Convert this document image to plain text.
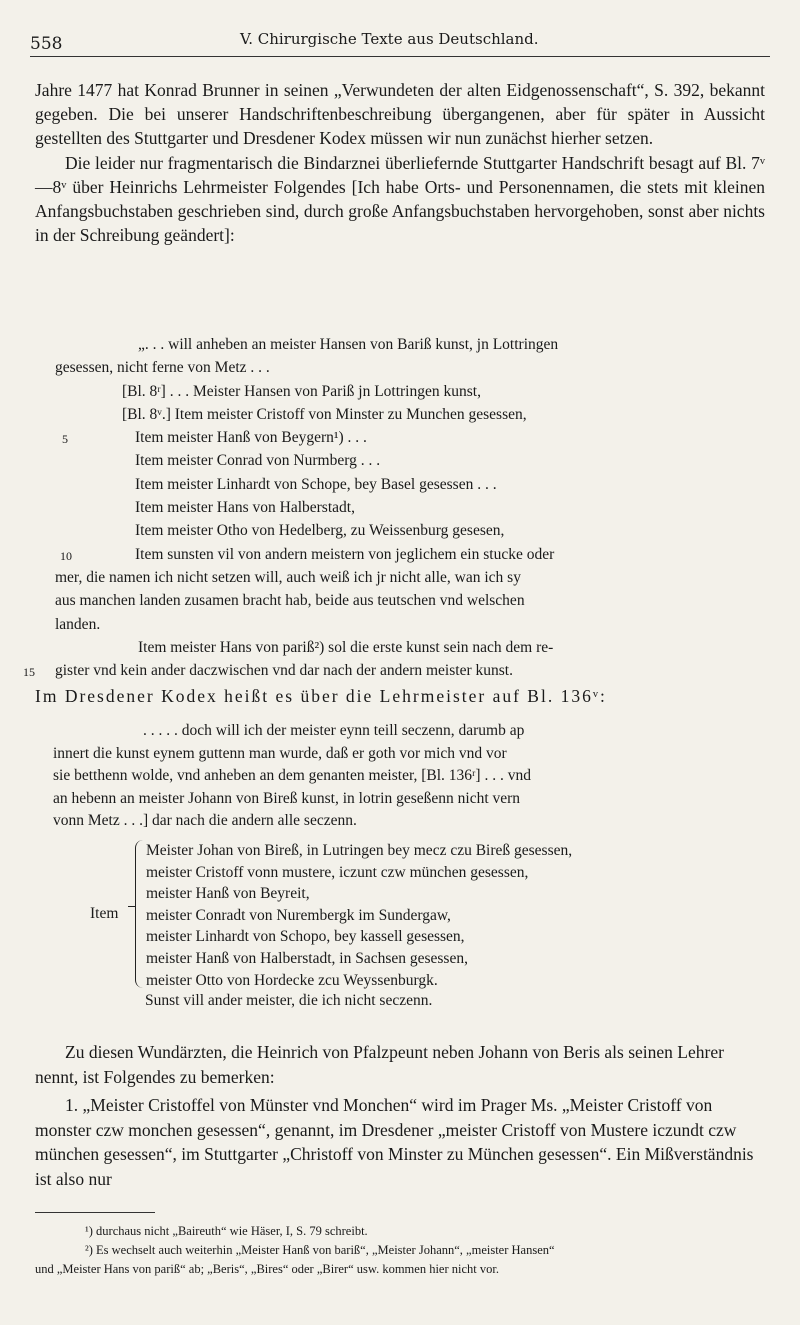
558	V. Chirurgische Texte aus Deutschland.

Jahre 1477 hat Konrad Brunner in seinen „Verwundeten der alten Eidgenossenschaft“, S. 392, bekannt gegeben. Die bei unserer Handschriftenbeschreibung übergangenen, aber für später in Aussicht gestellten des Stuttgarter und Dresdener Kodex müssen wir nun zunächst hierher setzen.

Die leider nur fragmentarisch die Bindarznei überliefernde Stuttgarter Handschrift besagt auf Bl. 7ᵛ—8ᵛ über Heinrichs Lehrmeister Folgendes [Ich habe Orts- und Personennamen, die stets mit kleinen Anfangsbuchstaben geschrieben sind, durch große Anfangsbuchstaben hervorgehoben, sonst aber nichts in der Schreibung geändert]:

„. . . will anheben an meister Hansen von Bariß kunst, jn Lottringen
gesessen, nicht ferne von Metz . . .
[Bl. 8ʳ] . . . Meister Hansen von Pariß jn Lottringen kunst,
[Bl. 8ᵛ.] Item meister Cristoff von Minster zu Munchen gesessen,
5	Item meister Hanß von Beygern¹) . . .
Item meister Conrad von Nurmberg . . .
Item meister Linhardt von Schope, bey Basel gesessen . . .
Item meister Hans von Halberstadt,
Item meister Otho von Hedelberg, zu Weissenburg gesesen,
10	Item sunsten vil von andern meistern von jeglichem ein stucke oder
mer, die namen ich nicht setzen will, auch weiß ich jr nicht alle, wan ich sy
aus manchen landen zusamen bracht hab, beide aus teutschen vnd welschen
landen.
Item meister Hans von pariß²) sol die erste kunst sein nach dem re-
15 gister vnd kein ander daczwischen vnd dar nach der andern meister kunst.
Im Dresdener Kodex heißt es über die Lehrmeister auf Bl. 136ᵛ:
. . . . . doch will ich der meister eynn teill seczenn, darumb ap
innert die kunst eynem guttenn man wurde, daß er goth vor mich vnd vor
sie betthenn wolde, vnd anheben an dem genanten meister, [Bl. 136ʳ] . . . vnd
an hebenn an meister Johann von Bireß kunst, in lotrin geseßenn nicht vern
vonn Metz . . .] dar nach die andern alle seczenn.
Item
Meister Johan von Bireß, in Lutringen bey mecz czu Bireß gesessen,
meister Cristoff vonn mustere, iczunt czw münchen gesessen,
meister Hanß von Beyreit,
meister Conradt von Nurembergk im Sundergaw,
meister Linhardt von Schopo, bey kassell gesessen,
meister Hanß von Halberstadt, in Sachsen gesessen,
meister Otto von Hordecke zcu Weyssenburgk.
Sunst vill ander meister, die ich nicht seczenn.

Zu diesen Wundärzten, die Heinrich von Pfalzpeunt neben Johann von Beris als seinen Lehrer nennt, ist Folgendes zu bemerken:

1. „Meister Cristoffel von Münster vnd Monchen“ wird im Prager Ms. „Meister Cristoff von monster czw monchen gesessen“, genannt, im Dresdener „meister Cristoff von Mustere iczundt czw münchen gesessen“, im Stuttgarter „Christoff von Minster zu München gesessen“. Ein Mißverständnis ist also nur

¹) durchaus nicht „Baireuth“ wie Häser, I, S. 79 schreibt.
²) Es wechselt auch weiterhin „Meister Hanß von barіß“, „Meister Johann“, „meister Hansen“
und „Meister Hans von pariß“ ab; „Beris“, „Bires“ oder „Birer“ usw. kommen hier nicht vor.
